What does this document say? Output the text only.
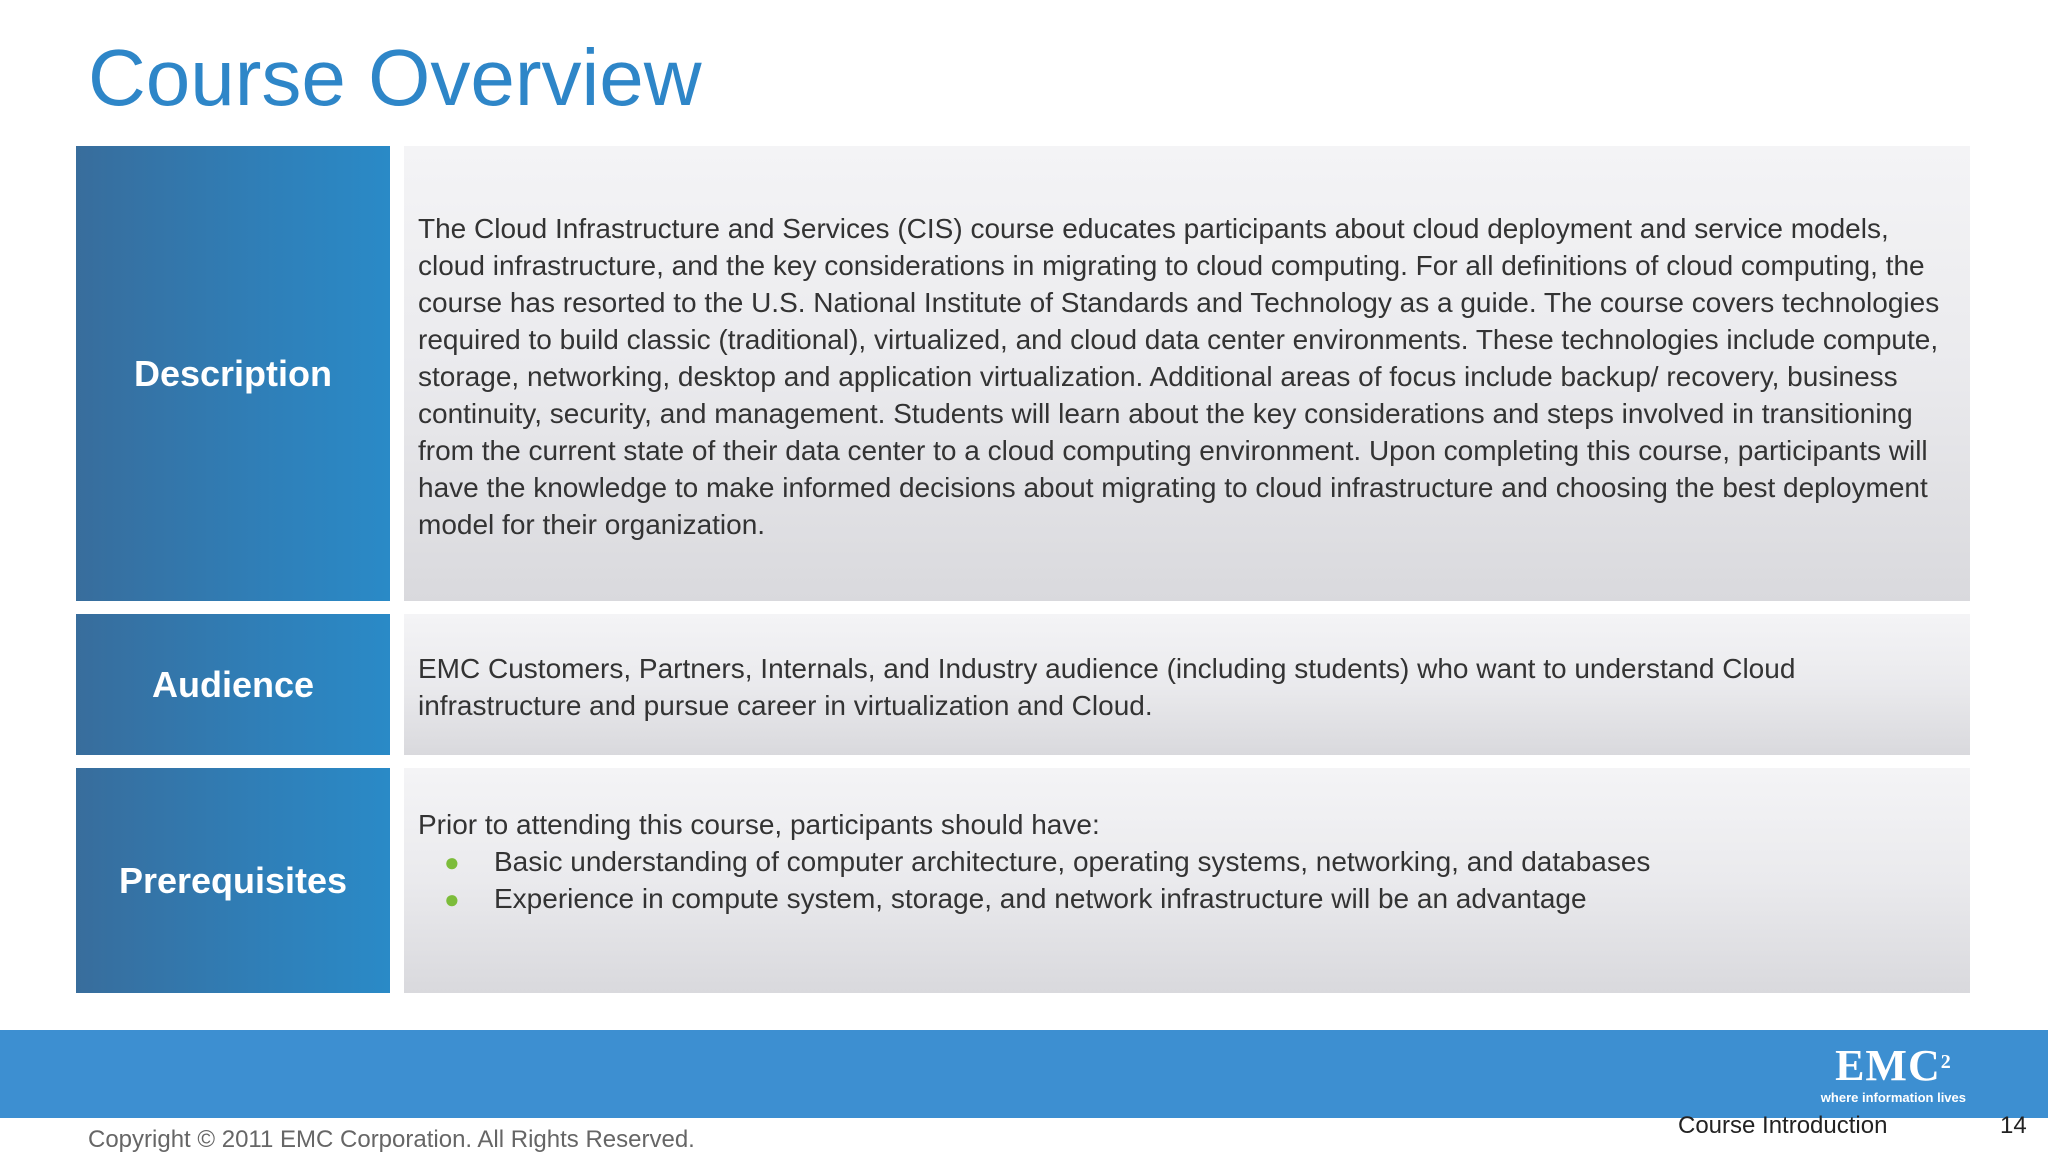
Course Overview
Description
The Cloud Infrastructure and Services (CIS) course educates participants about cloud deployment and service models, cloud infrastructure, and the key considerations in migrating to cloud computing. For all definitions of cloud computing, the course has resorted to the U.S. National Institute of Standards and Technology as a guide. The course covers technologies required to build classic (traditional), virtualized, and cloud data center environments. These technologies include compute, storage, networking, desktop and application virtualization. Additional areas of focus include backup/ recovery, business continuity, security, and management. Students will learn about the key considerations and steps involved in transitioning from the current state of their data center to a cloud computing environment. Upon completing this course, participants will have the knowledge to make informed decisions about migrating to cloud infrastructure and choosing the best deployment model for their organization.
Audience	EMC Customers, Partners, Internals, and Industry audience (including students) who want to understand Cloud infrastructure and pursue career in virtualization and Cloud.
Prerequisites
Prior to attending this course, participants should have:
● Basic understanding of computer architecture, operating systems, networking, and databases
● Experience in compute system, storage, and network infrastructure will be an advantage
EMC$^2$
where information lives
Copyright © 2011 EMC Corporation. All Rights Reserved.
Course Introduction	14
